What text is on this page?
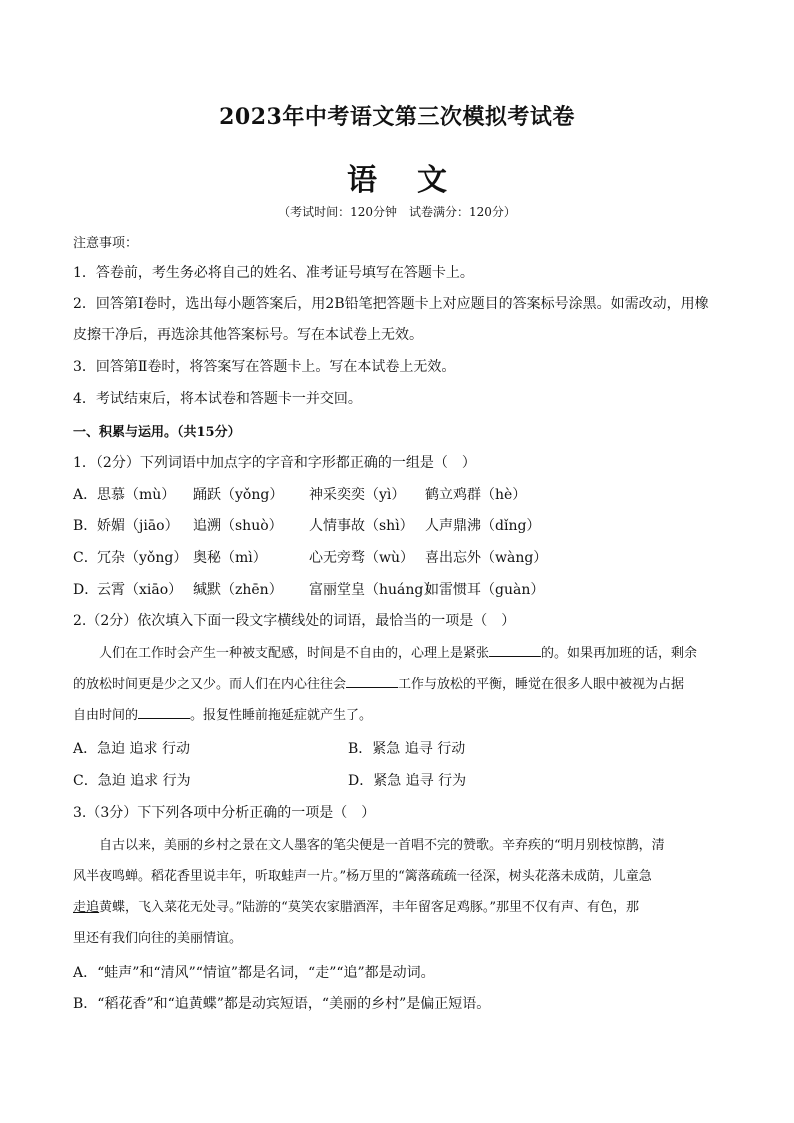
2023年中考语文第三次模拟考试卷
语文
（考试时间：120分钟　试卷满分：120分）
注意事项：
1．答卷前，考生务必将自己的姓名、准考证号填写在答题卡上。
2．回答第Ⅰ卷时，选出每小题答案后，用2B铅笔把答题卡上对应题目的答案标号涂黑。如需改动，用橡
皮擦干净后，再选涂其他答案标号。写在本试卷上无效。
3．回答第Ⅱ卷时，将答案写在答题卡上。写在本试卷上无效。
4．考试结束后，将本试卷和答题卡一并交回。
一、积累与运用。（共15分）
1．（2分）下列词语中加点字的字音和字形都正确的一组是（　）
A．思慕（mù） 踊跃（yǒng） 神采奕奕（yì） 鹤立鸡群（hè）
B．娇媚（jiāo） 追溯（shuò） 人情事故（shì） 人声鼎沸（dǐng）
C．冗杂（yǒng） 奥秘（mì）	心无旁骛（wù） 喜出忘外（wàng）
D．云霄（xiāo） 缄默（zhēn） 富丽堂皇（huáng）如雷惯耳（guàn）
2.（2分）依次填入下面一段文字横线处的词语，最恰当的一项是（　）

人们在工作时会产生一种被支配感，时间是不自由的，心理上是紧张	的。如果再加班的话，剩余

的放松时间更是少之又少。而人们在内心往往会	工作与放松的平衡，睡觉在很多人眼中被视为占据

自由时间的	。报复性睡前拖延症就产生了。

A．急迫 追求 行动	B．紧急 追寻 行动
C．急迫 追求 行为	D．紧急 追寻 行为
3.（3分）下下列各项中分析正确的一项是（　）

自古以来，美丽的乡村之景在文人墨客的笔尖便是一首唱不完的赞歌。辛弃疾的“明月别枝惊鹊，清

风半夜鸣蝉。稻花香里说丰年，听取蛙声一片。”杨万里的“篱落疏疏一径深，树头花落未成荫，儿童急

走追黄蝶，飞入菜花无处寻。”陆游的“莫笑农家腊酒浑，丰年留客足鸡豚。”那里不仅有声、有色，那

里还有我们向往的美丽情谊。

A．“蛙声”和“清风”“情谊”都是名词，“走”“追”都是动词。
B．“稻花香”和“追黄蝶”都是动宾短语，“美丽的乡村”是偏正短语。
